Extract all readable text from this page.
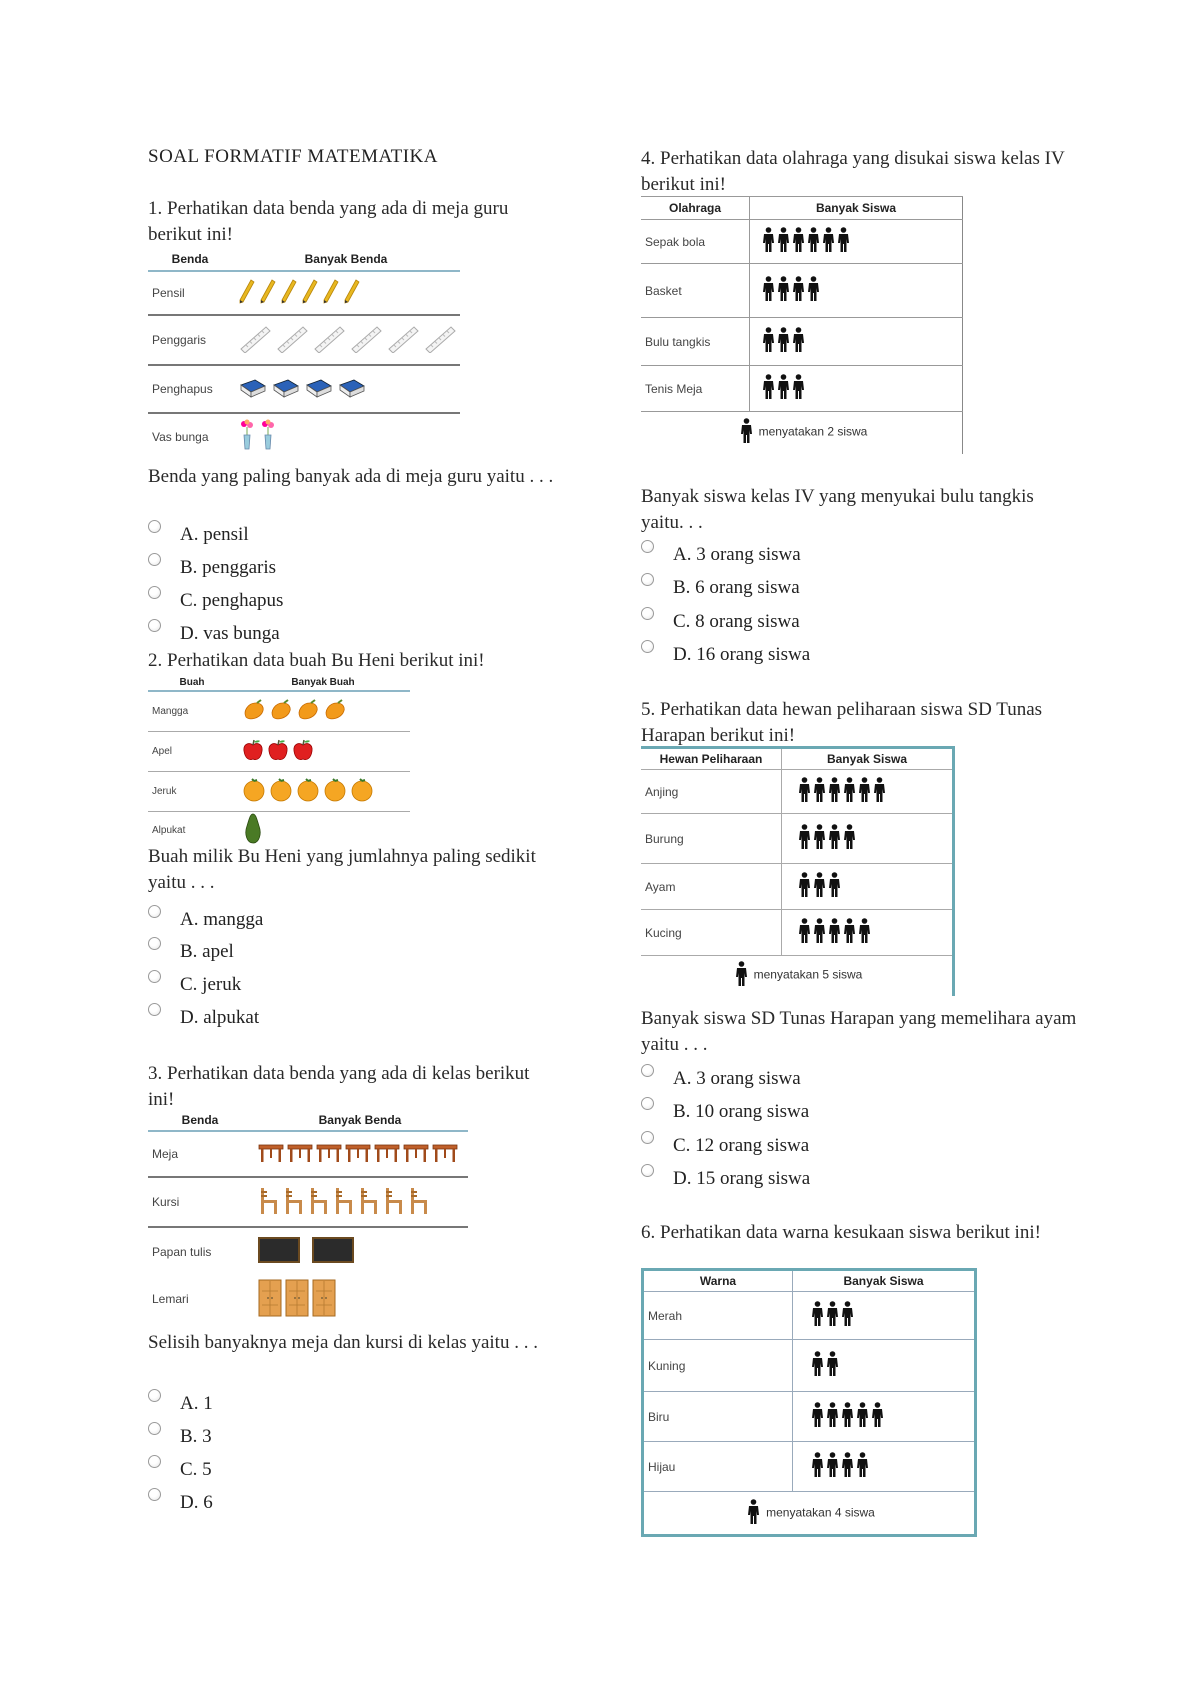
SOAL FORMATIF MATEMATIKA
1. Perhatikan data benda yang ada di meja guru berikut ini!
Benda	Banyak Benda
Pensil	
Penggaris	
Penghapus	
Vas bunga	
Benda yang paling banyak ada di meja guru yaitu . . .
A. pensil
B. penggaris
C. penghapus
D. vas bunga
2. Perhatikan data buah Bu Heni berikut ini!
Buah	Banyak Buah
Mangga	
Apel	
Jeruk	
Alpukat	
Buah milik Bu Heni yang jumlahnya paling sedikit yaitu . . .
A. mangga
B. apel
C. jeruk
D. alpukat
3. Perhatikan data benda yang ada di kelas berikut ini!
Benda	Banyak Benda
Meja	
Kursi	
Papan tulis	
Lemari	
Selisih banyaknya meja dan kursi di kelas yaitu . . .
A. 1
B. 3
C. 5
D. 6
4. Perhatikan data olahraga yang disukai siswa kelas IV berikut ini!
Olahraga	Banyak Siswa
Sepak bola	
Basket	
Bulu tangkis	
Tenis Meja	
menyatakan 2 siswa	
Banyak siswa kelas IV yang menyukai bulu tangkis yaitu. . .
A. 3 orang siswa
B. 6 orang siswa
C. 8 orang siswa
D. 16 orang siswa
5. Perhatikan data hewan peliharaan siswa SD Tunas Harapan berikut ini!
Hewan Peliharaan	Banyak Siswa
Anjing	
Burung	
Ayam	
Kucing	
menyatakan 5 siswa	
Banyak siswa SD Tunas Harapan yang memelihara ayam yaitu . . .
A. 3 orang siswa
B. 10 orang siswa
C. 12 orang siswa
D. 15 orang siswa
6. Perhatikan data warna kesukaan siswa berikut ini!
Warna	Banyak Siswa
Merah	
Kuning	
Biru	
Hijau	
menyatakan 4 siswa	
